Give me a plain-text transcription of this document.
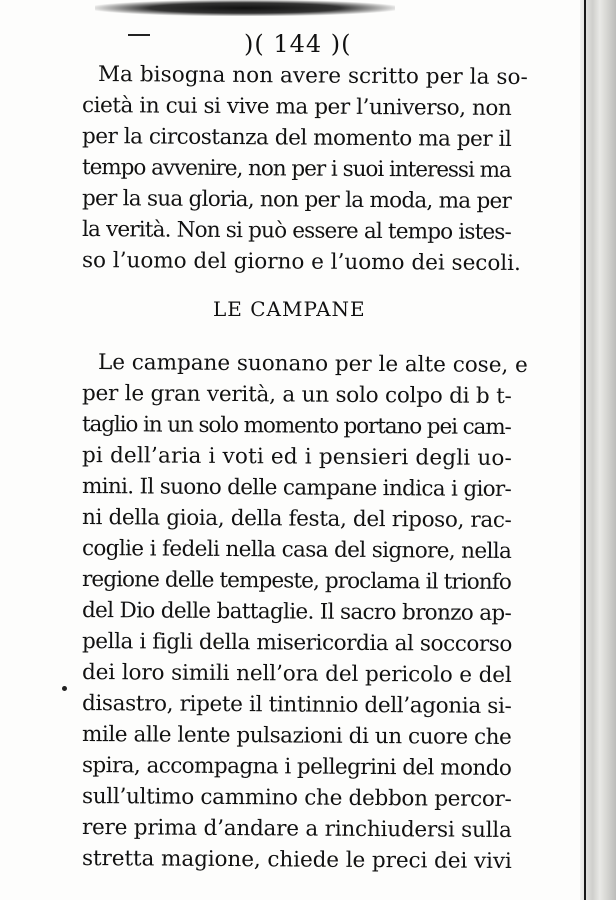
)( 144 )(
Ma bisogna non avere scritto per la so-
cietà in cui si vive ma per l’universo, non
per la circostanza del momento ma per il
tempo avvenire, non per i suoi interessi ma
per la sua gloria, non per la moda, ma per
la verità. Non si può essere al tempo istes-
so l’uomo del giorno e l’uomo dei secoli.
LE CAMPANE
Le campane suonano per le alte cose, e
per le gran verità, a un solo colpo di b t-
taglio in un solo momento portano pei cam-
pi dell’aria i voti ed i pensieri degli uo-
mini. Il suono delle campane indica i gior-
ni della gioia, della festa, del riposo, rac-
coglie i fedeli nella casa del signore, nella
regione delle tempeste, proclama il trionfo
del Dio delle battaglie. Il sacro bronzo ap-
pella i figli della misericordia al soccorso
dei loro simili nell’ora del pericolo e del
disastro, ripete il tintinnio dell’agonia si-
mile alle lente pulsazioni di un cuore che
spira, accompagna i pellegrini del mondo
sull’ultimo cammino che debbon percor-
rere prima d’andare a rinchiudersi sulla
stretta magione, chiede le preci dei vivi
